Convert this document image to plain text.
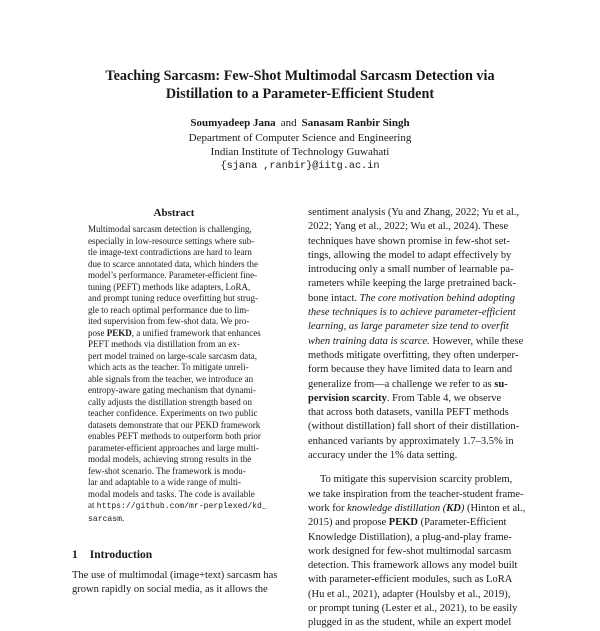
Teaching Sarcasm: Few-Shot Multimodal Sarcasm Detection via
Distillation to a Parameter-Efficient Student
Soumyadeep Jana and Sanasam Ranbir Singh
Department of Computer Science and Engineering
Indian Institute of Technology Guwahati
{sjana ,ranbir}@iitg.ac.in
Abstract
Multimodal sarcasm detection is challenging,
especially in low-resource settings where sub-
tle image-text contradictions are hard to learn
due to scarce annotated data, which hinders the
model’s performance. Parameter-efficient fine-
tuning (PEFT) methods like adapters, LoRA,
and prompt tuning reduce overfitting but strug-
gle to reach optimal performance due to lim-
ited supervision from few-shot data. We pro-
pose PEKD, a unified framework that enhances
PEFT methods via distillation from an ex-
pert model trained on large-scale sarcasm data,
which acts as the teacher. To mitigate unreli-
able signals from the teacher, we introduce an
entropy-aware gating mechanism that dynami-
cally adjusts the distillation strength based on
teacher confidence. Experiments on two public
datasets demonstrate that our PEKD framework
enables PEFT methods to outperform both prior
parameter-efficient approaches and large multi-
modal models, achieving strong results in the
few-shot scenario. The framework is modu-
lar and adaptable to a wide range of multi-
modal models and tasks. The code is available
at https://github.com/mr-perplexed/kd_
sarcasm.
1 Introduction
The use of multimodal (image+text) sarcasm has
grown rapidly on social media, as it allows the
sentiment analysis (Yu and Zhang, 2022; Yu et al.,
2022; Yang et al., 2022; Wu et al., 2024). These
techniques have shown promise in few-shot set-
tings, allowing the model to adapt effectively by
introducing only a small number of learnable pa-
rameters while keeping the large pretrained back-
bone intact. The core motivation behind adopting
these techniques is to achieve parameter-efficient
learning, as large parameter size tend to overfit
when training data is scarce. However, while these
methods mitigate overfitting, they often underper-
form because they have limited data to learn and
generalize from—a challenge we refer to as su-
pervision scarcity. From Table 4, we observe
that across both datasets, vanilla PEFT methods
(without distillation) fall short of their distillation-
enhanced variants by approximately 1.7–3.5% in
accuracy under the 1% data setting.
To mitigate this supervision scarcity problem,
we take inspiration from the teacher-student frame-
work for knowledge distillation (KD) (Hinton et al.,
2015) and propose PEKD (Parameter-Efficient
Knowledge Distillation), a plug-and-play frame-
work designed for few-shot multimodal sarcasm
detection. This framework allows any model built
with parameter-efficient modules, such as LoRA
(Hu et al., 2021), adapter (Houlsby et al., 2019),
or prompt tuning (Lester et al., 2021), to be easily
plugged in as the student, while an expert model
